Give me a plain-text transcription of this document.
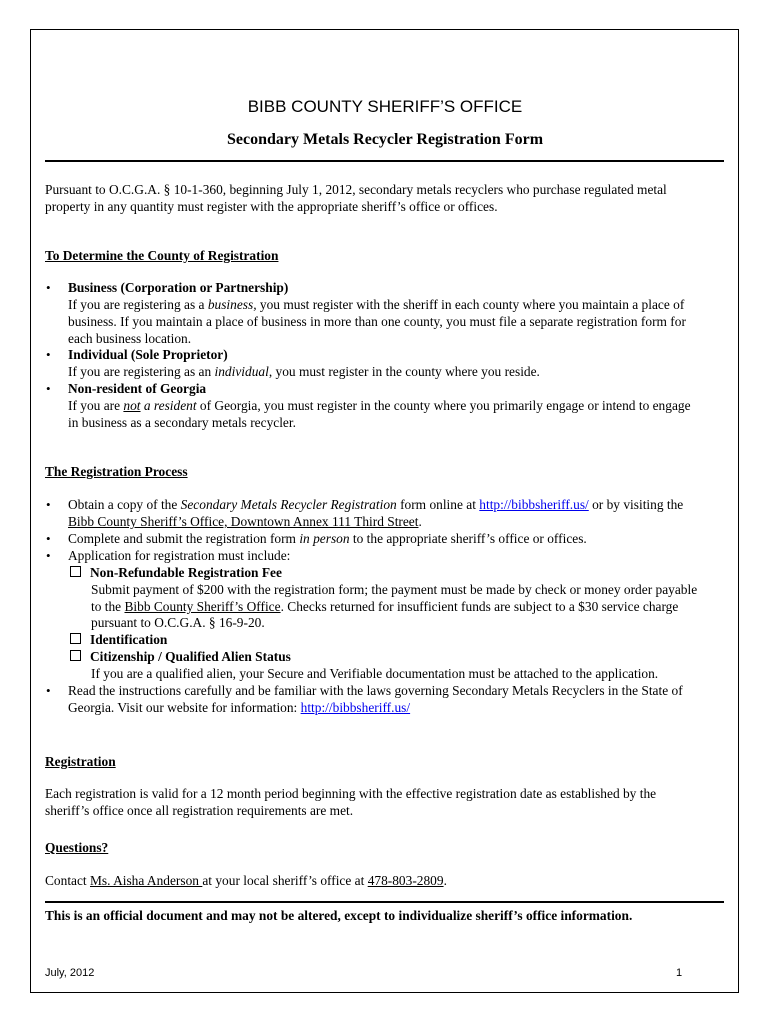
BIBB COUNTY SHERIFF’S OFFICE
Secondary Metals Recycler Registration Form
Pursuant to O.C.G.A. § 10-1-360, beginning July 1, 2012, secondary metals recyclers who purchase regulated metal
property in any quantity must register with the appropriate sheriff’s office or offices.
To Determine the County of Registration
• Business (Corporation or Partnership)
If you are registering as a business, you must register with the sheriff in each county where you maintain a place of
business. If you maintain a place of business in more than one county, you must file a separate registration form for
each business location.
• Individual (Sole Proprietor)
If you are registering as an individual, you must register in the county where you reside.
• Non-resident of Georgia
If you are not a resident of Georgia, you must register in the county where you primarily engage or intend to engage
in business as a secondary metals recycler.
The Registration Process
• Obtain a copy of the Secondary Metals Recycler Registration form online at http://bibbsheriff.us/ or by visiting the
Bibb County Sheriff’s Office, Downtown Annex 111 Third Street.
• Complete and submit the registration form in person to the appropriate sheriff’s office or offices.
• Application for registration must include:
Non-Refundable Registration Fee
Submit payment of $200 with the registration form; the payment must be made by check or money order payable
to the Bibb County Sheriff’s Office. Checks returned for insufficient funds are subject to a $30 service charge
pursuant to O.C.G.A. § 16-9-20.
Identification
Citizenship / Qualified Alien Status
If you are a qualified alien, your Secure and Verifiable documentation must be attached to the application.
• Read the instructions carefully and be familiar with the laws governing Secondary Metals Recyclers in the State of
Georgia. Visit our website for information: http://bibbsheriff.us/
Registration
Each registration is valid for a 12 month period beginning with the effective registration date as established by the
sheriff’s office once all registration requirements are met.
Questions?
Contact Ms. Aisha Anderson at your local sheriff’s office at 478-803-2809.
This is an official document and may not be altered, except to individualize sheriff’s office information.
July, 2012	1
